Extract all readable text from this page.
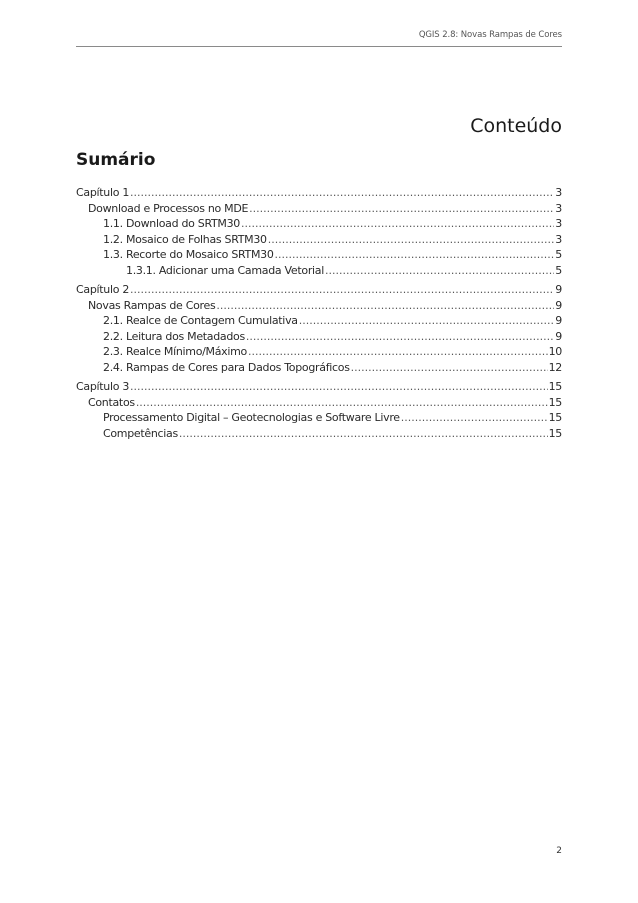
QGIS 2.8: Novas Rampas de Cores
Conteúdo
Sumário
Capítulo 1 .....	3
Download e Processos no MDE .....	3
1.1. Download do SRTM30 .....	3
1.2. Mosaico de Folhas SRTM30 .....	3
1.3. Recorte do Mosaico SRTM30 .....	5
1.3.1. Adicionar uma Camada Vetorial .....	5
Capítulo 2 .....	9
Novas Rampas de Cores .....	9
2.1. Realce de Contagem Cumulativa .....	9
2.2. Leitura dos Metadados .....	9
2.3. Realce Mínimo/Máximo .....	10
2.4. Rampas de Cores para Dados Topográficos .....	12
Capítulo 3 .....	15
Contatos .....	15
Processamento Digital – Geotecnologias e Software Livre .....	15
Competências .....	15
2
